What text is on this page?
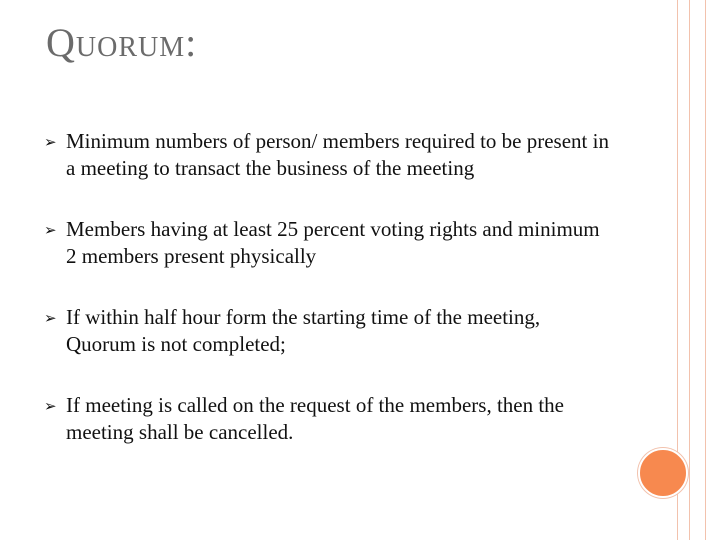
Quorum:
➢ Minimum numbers of person/ members required to be present in a meeting to transact the business of the meeting
➢ Members having at least 25 percent voting rights and minimum 2 members present physically
➢ If within half hour form the starting time of the meeting, Quorum is not completed;
➢ If meeting is called on the request of the members, then the meeting shall be cancelled.
